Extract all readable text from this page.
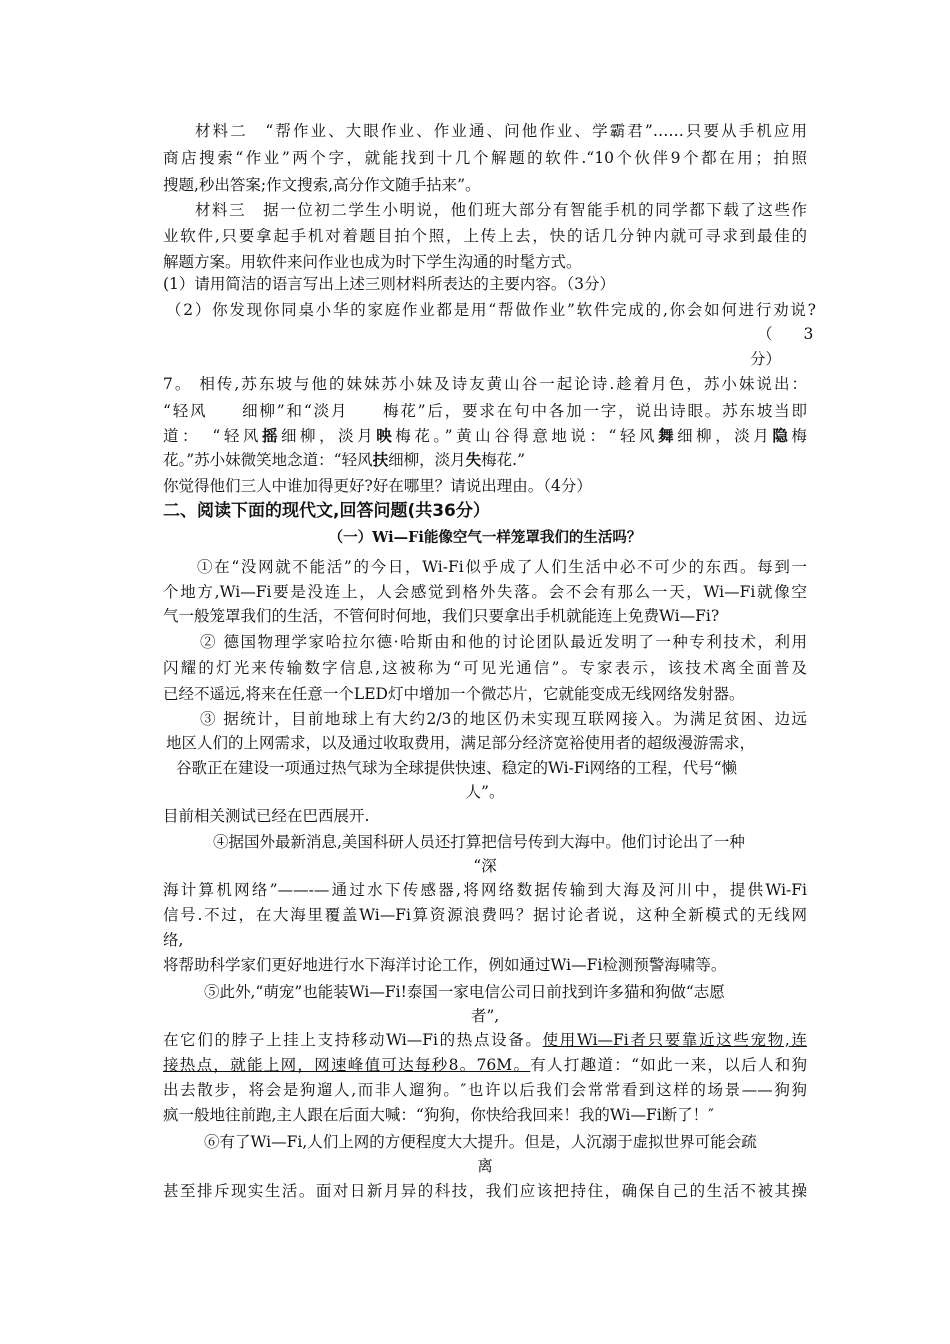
材料二　“帮作业、大眼作业、作业通、问他作业、学霸君”……只要从手机应用
商店搜索“作业”两个字，就能找到十几个解题的软件.“10个伙伴9个都在用；拍照
搜题,秒出答案;作文搜索,高分作文随手拈来”。
材料三　据一位初二学生小明说，他们班大部分有智能手机的同学都下载了这些作
业软件,只要拿起手机对着题目拍个照，上传上去，快的话几分钟内就可寻求到最佳的
解题方案。用软件来问作业也成为时下学生沟通的时髦方式。
(1）请用简洁的语言写出上述三则材料所表达的主要内容。（3分）
（2）你发现你同桌小华的家庭作业都是用“帮做作业”软件完成的,你会如何进行劝说?
（　　3
分）
7。 相传,苏东坡与他的妹妹苏小妹及诗友黄山谷一起论诗.趁着月色，苏小妹说出：
“轻风　　细柳”和“淡月　　梅花”后，要求在句中各加一字，说出诗眼。苏东坡当即
道：　“轻风摇细柳，淡月映梅花。”黄山谷得意地说：“轻风舞细柳，淡月隐梅
花。”苏小妹微笑地念道：“轻风扶细柳，淡月失梅花.”
你觉得他们三人中谁加得更好?好在哪里？请说出理由。（4分）
二、阅读下面的现代文,回答问题(共36分）
（一）Wi—Fi能像空气一样笼罩我们的生活吗？
①在“没网就不能活”的今日，Wi-Fi似乎成了人们生活中必不可少的东西。每到一
个地方,Wi—Fi要是没连上，人会感觉到格外失落。会不会有那么一天，Wi—Fi就像空
气一般笼罩我们的生活，不管何时何地，我们只要拿出手机就能连上免费Wi—Fi?
② 德国物理学家哈拉尔德·哈斯由和他的讨论团队最近发明了一种专利技术，利用
闪耀的灯光来传输数字信息,这被称为“可见光通信”。专家表示，该技术离全面普及
已经不遥远,将来在任意一个LED灯中增加一个微芯片，它就能变成无线网络发射器。
③ 据统计，目前地球上有大约2/3的地区仍未实现互联网接入。为满足贫困、边远
地区人们的上网需求，以及通过收取费用，满足部分经济宽裕使用者的超级漫游需求，
谷歌正在建设一项通过热气球为全球提供快速、稳定的Wi-Fi网络的工程，代号“懒
人”。
目前相关测试已经在巴西展开.
④据国外最新消息,美国科研人员还打算把信号传到大海中。他们讨论出了一种
“深
海计算机网络”——-—通过水下传感器,将网络数据传输到大海及河川中，提供Wi-Fi
信号.不过，在大海里覆盖Wi—Fi算资源浪费吗？据讨论者说，这种全新模式的无线网
络,
将帮助科学家们更好地进行水下海洋讨论工作，例如通过Wi—Fi检测预警海啸等。
⑤此外,“萌宠”也能装Wi—Fi!泰国一家电信公司日前找到许多猫和狗做“志愿
者”,
在它们的脖子上挂上支持移动Wi—Fi的热点设备。使用Wi—Fi者只要靠近这些宠物,连
接热点，就能上网，网速峰值可达每秒8。76M。有人打趣道：“如此一来，以后人和狗
出去散步，将会是狗遛人,而非人遛狗。″也许以后我们会常常看到这样的场景——狗狗
疯一般地往前跑,主人跟在后面大喊：“狗狗，你快给我回来！我的Wi—Fi断了！″
⑥有了Wi—Fi,人们上网的方便程度大大提升。但是，人沉溺于虚拟世界可能会疏
离
甚至排斥现实生活。面对日新月异的科技，我们应该把持住，确保自己的生活不被其操
